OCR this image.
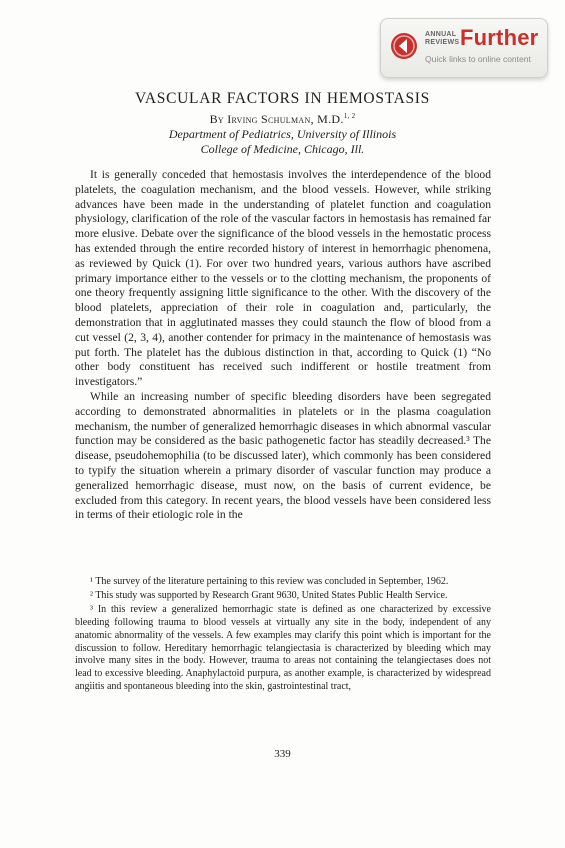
ANNUAL
REVIEWS Further
Quick links to online content
VASCULAR FACTORS IN HEMOSTASIS
By Irving Schulman, M.D.$^{1, 2}$
Department of Pediatrics, University of Illinois
College of Medicine, Chicago, Ill.

It is generally conceded that hemostasis involves the interdependence of the blood platelets, the coagulation mechanism, and the blood vessels. However, while striking advances have been made in the understanding of platelet function and coagulation physiology, clarification of the role of the vascular factors in hemostasis has remained far more elusive. Debate over the significance of the blood vessels in the hemostatic process has extended through the entire recorded history of interest in hemorrhagic phenomena, as reviewed by Quick (1). For over two hundred years, various authors have ascribed primary importance either to the vessels or to the clotting mechanism, the proponents of one theory frequently assigning little significance to the other. With the discovery of the blood platelets, appreciation of their role in coagulation and, particularly, the demonstration that in agglutinated masses they could staunch the flow of blood from a cut vessel (2, 3, 4), another contender for primacy in the maintenance of hemostasis was put forth. The platelet has the dubious distinction in that, according to Quick (1) “No other body constituent has received such indifferent or hostile treatment from investigators.”

While an increasing number of specific bleeding disorders have been segregated according to demonstrated abnormalities in platelets or in the plasma coagulation mechanism, the number of generalized hemorrhagic diseases in which abnormal vascular function may be considered as the basic pathogenetic factor has steadily decreased.³ The disease, pseudohemophilia (to be discussed later), which commonly has been considered to typify the situation wherein a primary disorder of vascular function may produce a generalized hemorrhagic disease, must now, on the basis of current evidence, be excluded from this category. In recent years, the blood vessels have been considered less in terms of their etiologic role in the

¹ The survey of the literature pertaining to this review was concluded in September, 1962.

² This study was supported by Research Grant 9630, United States Public Health Service.

³ In this review a generalized hemorrhagic state is defined as one characterized by excessive bleeding following trauma to blood vessels at virtually any site in the body, independent of any anatomic abnormality of the vessels. A few examples may clarify this point which is important for the discussion to follow. Hereditary hemorrhagic telangiectasia is characterized by bleeding which may involve many sites in the body. However, trauma to areas not containing the telangiectases does not lead to excessive bleeding. Anaphylactoid purpura, as another example, is characterized by widespread angiitis and spontaneous bleeding into the skin, gastrointestinal tract,

339
